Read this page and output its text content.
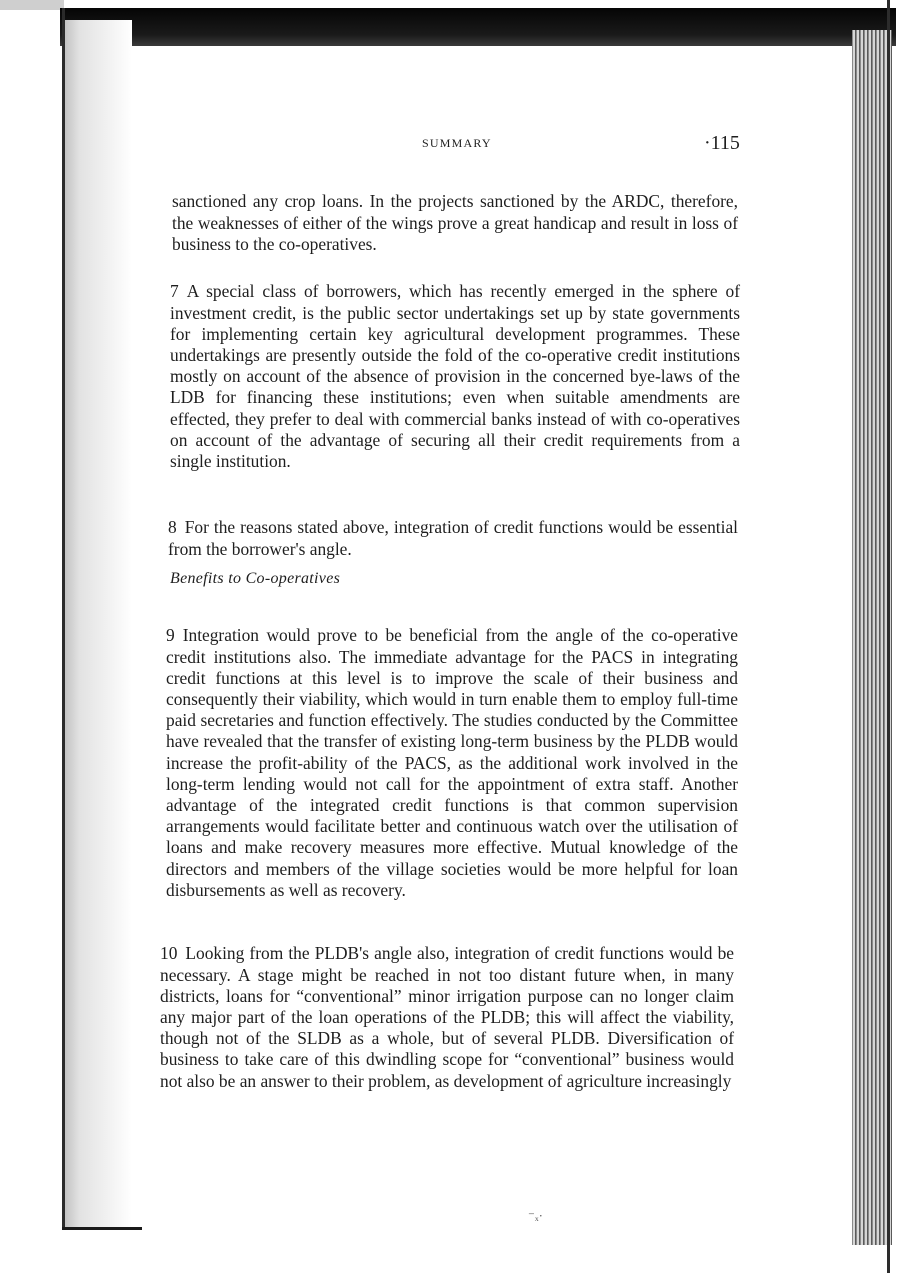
SUMMARY	·115

sanctioned any crop loans. In the projects sanctioned by the ARDC, therefore, the weaknesses of either of the wings prove a great handicap and result in loss of business to the co-operatives.

7 A special class of borrowers, which has recently emerged in the sphere of investment credit, is the public sector undertakings set up by state governments for implementing certain key agricultural development programmes. These undertakings are presently outside the fold of the co-operative credit institutions mostly on account of the absence of provision in the concerned bye-laws of the LDB for financing these institutions; even when suitable amendments are effected, they prefer to deal with commercial banks instead of with co-operatives on account of the advantage of securing all their credit requirements from a single institution.

8 For the reasons stated above, integration of credit functions would be essential from the borrower's angle.

Benefits to Co-operatives

9 Integration would prove to be beneficial from the angle of the co-operative credit institutions also. The immediate advantage for the PACS in integrating credit functions at this level is to improve the scale of their business and consequently their viability, which would in turn enable them to employ full-time paid secretaries and function effectively. The studies conducted by the Committee have revealed that the transfer of existing long-term business by the PLDB would increase the profit-ability of the PACS, as the additional work involved in the long-term lending would not call for the appointment of extra staff. Another advantage of the integrated credit functions is that common supervision arrangements would facilitate better and continuous watch over the utilisation of loans and make recovery measures more effective. Mutual knowledge of the directors and members of the village societies would be more helpful for loan disbursements as well as recovery.

10 Looking from the PLDB's angle also, integration of credit functions would be necessary. A stage might be reached in not too distant future when, in many districts, loans for “conventional” minor irrigation purpose can no longer claim any major part of the loan operations of the PLDB; this will affect the viability, though not of the SLDB as a whole, but of several PLDB. Diversification of business to take care of this dwindling scope for “conventional” business would not also be an answer to their problem, as development of agriculture increasingly

⁻ₓ·
